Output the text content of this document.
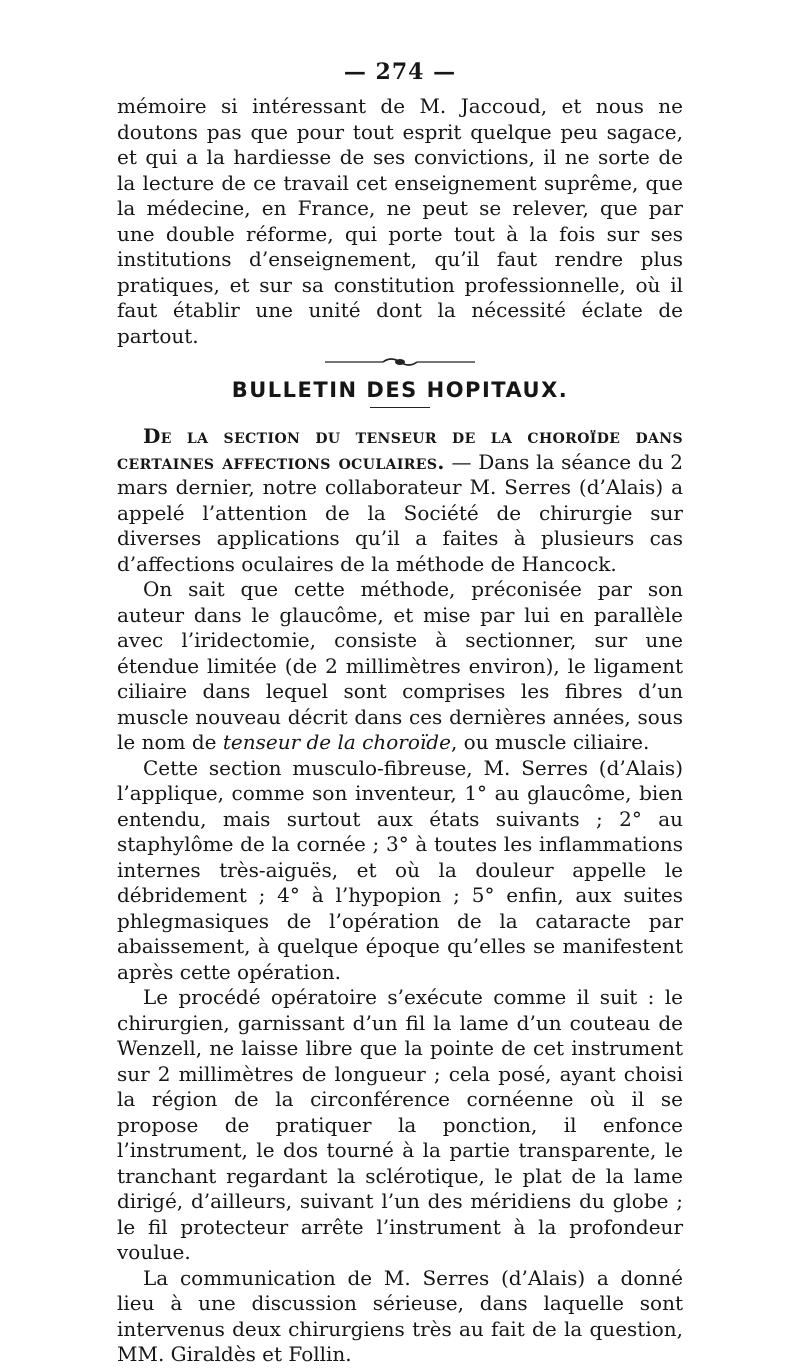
— 274 —

mémoire si intéressant de M. Jaccoud, et nous ne doutons pas que pour tout esprit quelque peu sagace, et qui a la hardiesse de ses convictions, il ne sorte de la lecture de ce travail cet enseignement suprême, que la médecine, en France, ne peut se relever, que par une double réforme, qui porte tout à la fois sur ses institutions d’enseignement, qu’il faut rendre plus pratiques, et sur sa constitution professionnelle, où il faut établir une unité dont la nécessité éclate de partout.

BULLETIN DES HOPITAUX.

De la section du tenseur de la choroïde dans certaines affections oculaires. — Dans la séance du 2 mars dernier, notre collaborateur M. Serres (d’Alais) a appelé l’attention de la Société de chirurgie sur diverses applications qu’il a faites à plusieurs cas d’affections oculaires de la méthode de Hancock.

On sait que cette méthode, préconisée par son auteur dans le glaucôme, et mise par lui en parallèle avec l’iridectomie, consiste à sectionner, sur une étendue limitée (de 2 millimètres environ), le ligament ciliaire dans lequel sont comprises les fibres d’un muscle nouveau décrit dans ces dernières années, sous le nom de tenseur de la choroïde, ou muscle ciliaire.

Cette section musculo-fibreuse, M. Serres (d’Alais) l’applique, comme son inventeur, 1° au glaucôme, bien entendu, mais surtout aux états suivants ; 2° au staphylôme de la cornée ; 3° à toutes les inflammations internes très-aiguës, et où la douleur appelle le débridement ; 4° à l’hypopion ; 5° enfin, aux suites phlegmasiques de l’opération de la cataracte par abaissement, à quelque époque qu’elles se manifestent après cette opération.

Le procédé opératoire s’exécute comme il suit : le chirurgien, garnissant d’un fil la lame d’un couteau de Wenzell, ne laisse libre que la pointe de cet instrument sur 2 millimètres de longueur ; cela posé, ayant choisi la région de la circonférence cornéenne où il se propose de pratiquer la ponction, il enfonce l’instrument, le dos tourné à la partie transparente, le tranchant regardant la sclérotique, le plat de la lame dirigé, d’ailleurs, suivant l’un des méridiens du globe ; le fil protecteur arrête l’instrument à la profondeur voulue.

La communication de M. Serres (d’Alais) a donné lieu à une discussion sérieuse, dans laquelle sont intervenus deux chirurgiens très au fait de la question, MM. Giraldès et Follin.
